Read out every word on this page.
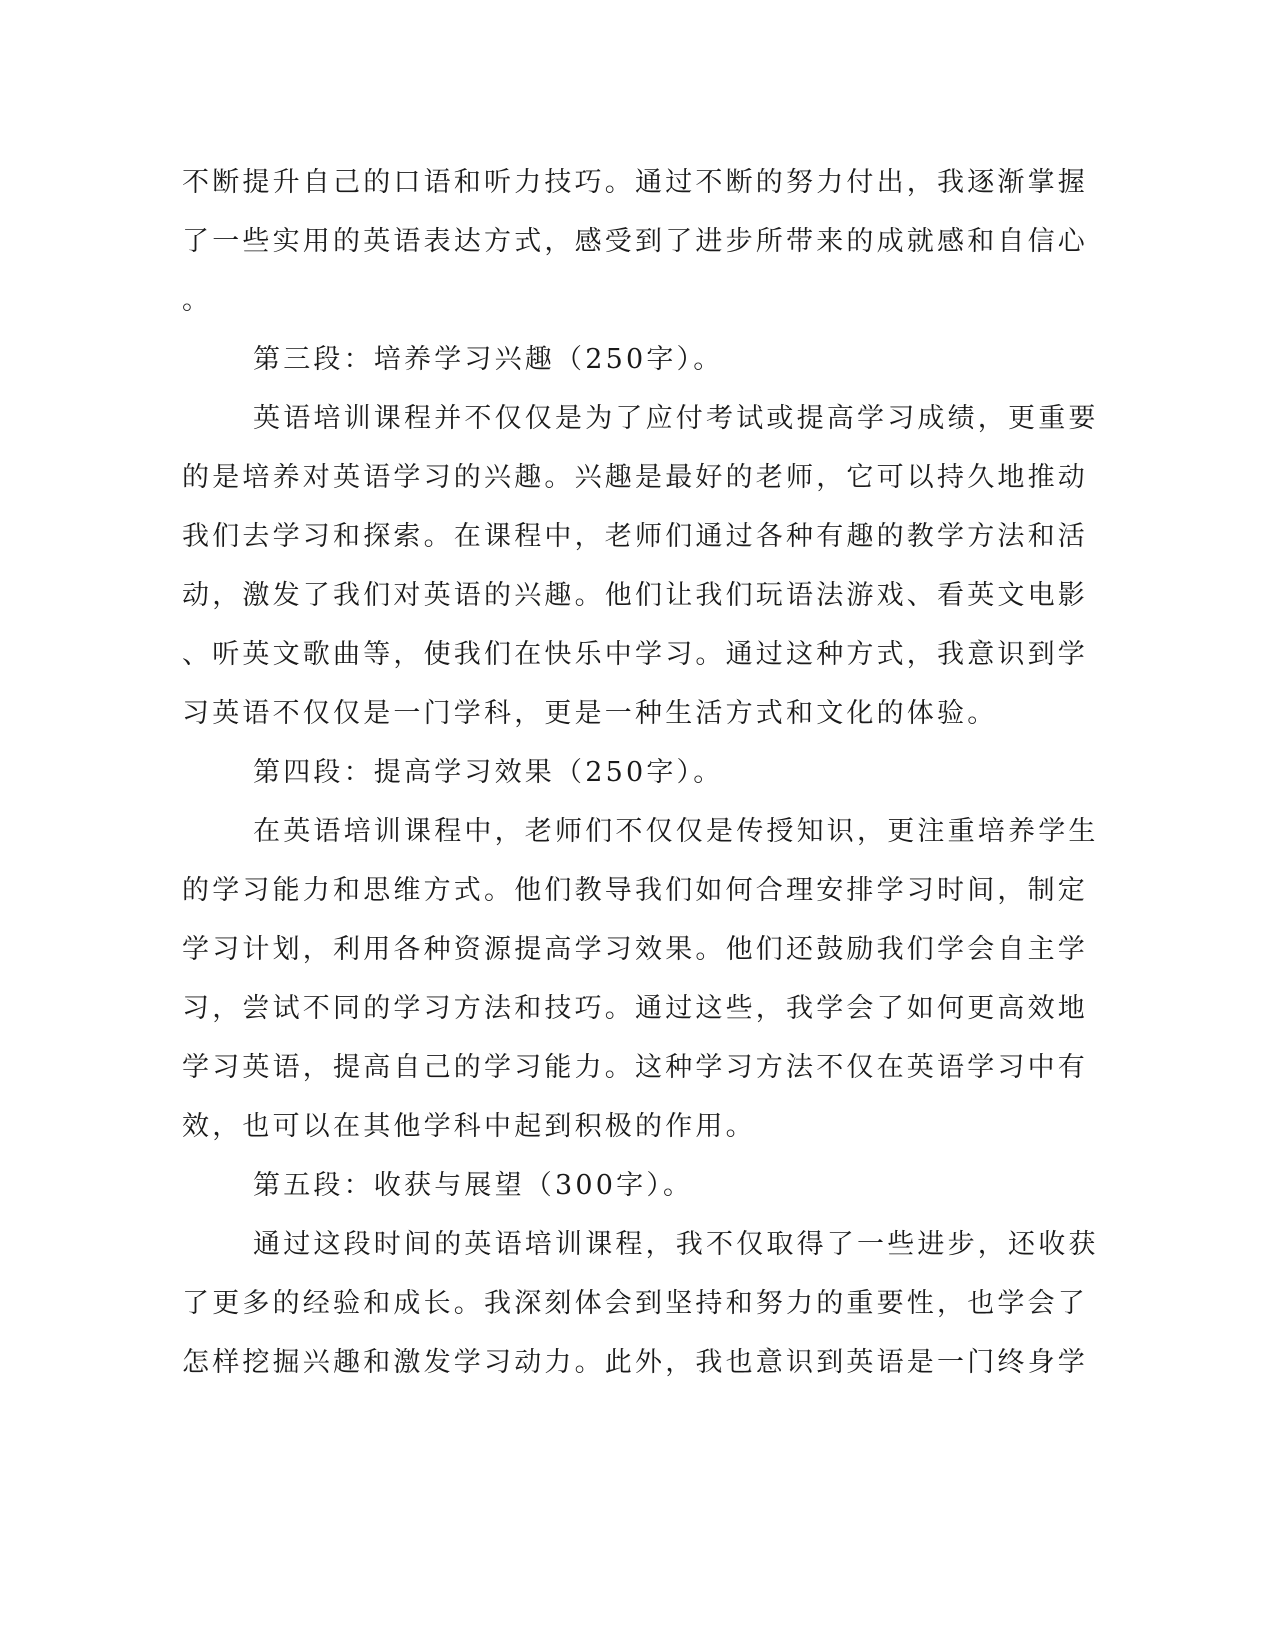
不断提升自己的口语和听力技巧。通过不断的努力付出，我逐渐掌握
了一些实用的英语表达方式，感受到了进步所带来的成就感和自信心
。
第三段：培养学习兴趣（250字）。
英语培训课程并不仅仅是为了应付考试或提高学习成绩，更重要
的是培养对英语学习的兴趣。兴趣是最好的老师，它可以持久地推动
我们去学习和探索。在课程中，老师们通过各种有趣的教学方法和活
动，激发了我们对英语的兴趣。他们让我们玩语法游戏、看英文电影
、听英文歌曲等，使我们在快乐中学习。通过这种方式，我意识到学
习英语不仅仅是一门学科，更是一种生活方式和文化的体验。
第四段：提高学习效果（250字）。
在英语培训课程中，老师们不仅仅是传授知识，更注重培养学生
的学习能力和思维方式。他们教导我们如何合理安排学习时间，制定
学习计划，利用各种资源提高学习效果。他们还鼓励我们学会自主学
习，尝试不同的学习方法和技巧。通过这些，我学会了如何更高效地
学习英语，提高自己的学习能力。这种学习方法不仅在英语学习中有
效，也可以在其他学科中起到积极的作用。
第五段：收获与展望（300字）。
通过这段时间的英语培训课程，我不仅取得了一些进步，还收获
了更多的经验和成长。我深刻体会到坚持和努力的重要性，也学会了
怎样挖掘兴趣和激发学习动力。此外，我也意识到英语是一门终身学
